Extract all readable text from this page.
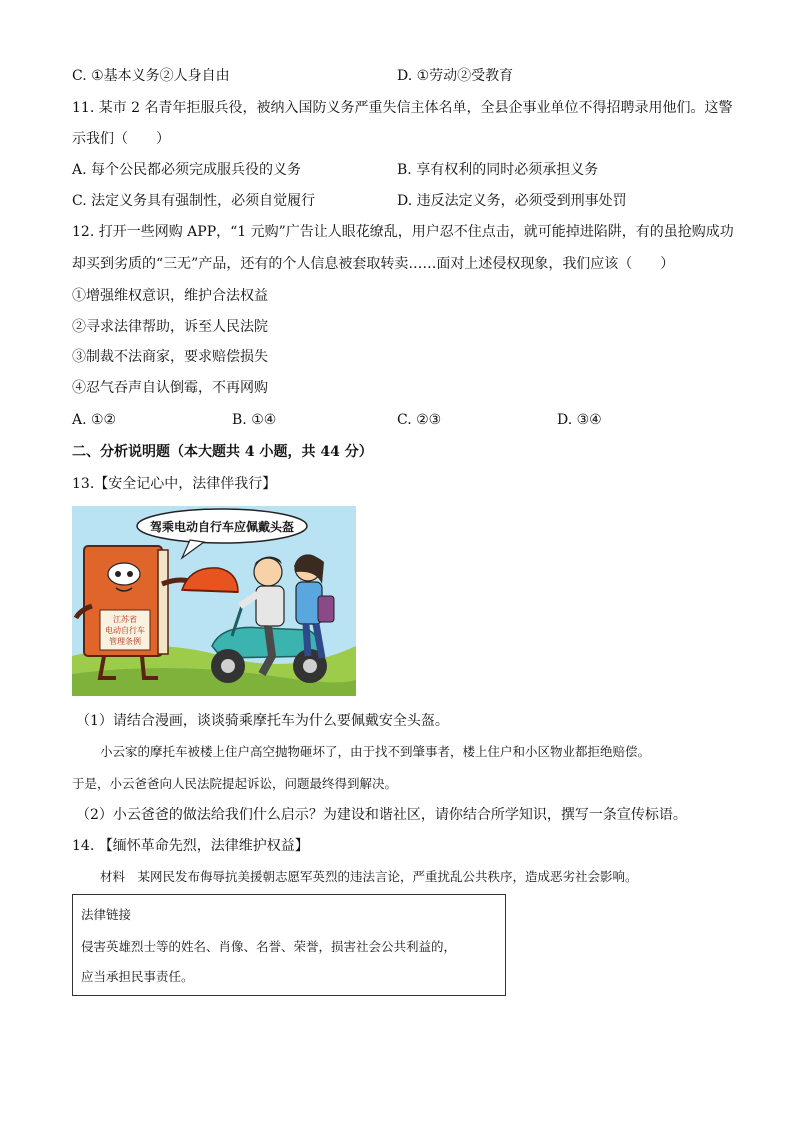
C. ①基本义务②人身自由	D. ①劳动②受教育
11. 某市 2 名青年拒服兵役，被纳入国防义务严重失信主体名单，全县企事业单位不得招聘录用他们。这警
示我们（　　）
A. 每个公民都必须完成服兵役的义务	B. 享有权利的同时必须承担义务
C. 法定义务具有强制性，必须自觉履行	D. 违反法定义务，必须受到刑事处罚
12. 打开一些网购 APP，“1 元购”广告让人眼花缭乱，用户忍不住点击，就可能掉进陷阱，有的虽抢购成功
却买到劣质的“三无”产品，还有的个人信息被套取转卖……面对上述侵权现象，我们应该（　　）
①增强维权意识，维护合法权益
②寻求法律帮助，诉至人民法院
③制裁不法商家，要求赔偿损失
④忍气吞声自认倒霉，不再网购
A. ①②	B. ①④	C. ②③	D. ③④
二、分析说明题（本大题共 4 小题，共 44 分）
13.【安全记心中，法律伴我行】
驾乘电动自行车应佩戴头盔
江苏省
电动自行车
管理条例
（1）请结合漫画，谈谈骑乘摩托车为什么要佩戴安全头盔。
小云家的摩托车被楼上住户高空抛物砸坏了，由于找不到肇事者，楼上住户和小区物业都拒绝赔偿。
于是，小云爸爸向人民法院提起诉讼，问题最终得到解决。
（2）小云爸爸的做法给我们什么启示？为建设和谐社区，请你结合所学知识，撰写一条宣传标语。
14. 【缅怀革命先烈，法律维护权益】
材料　某网民发布侮辱抗美援朝志愿军英烈的违法言论，严重扰乱公共秩序，造成恶劣社会影响。
法律链接
侵害英雄烈士等的姓名、肖像、名誉、荣誉，损害社会公共利益的，
应当承担民事责任。
